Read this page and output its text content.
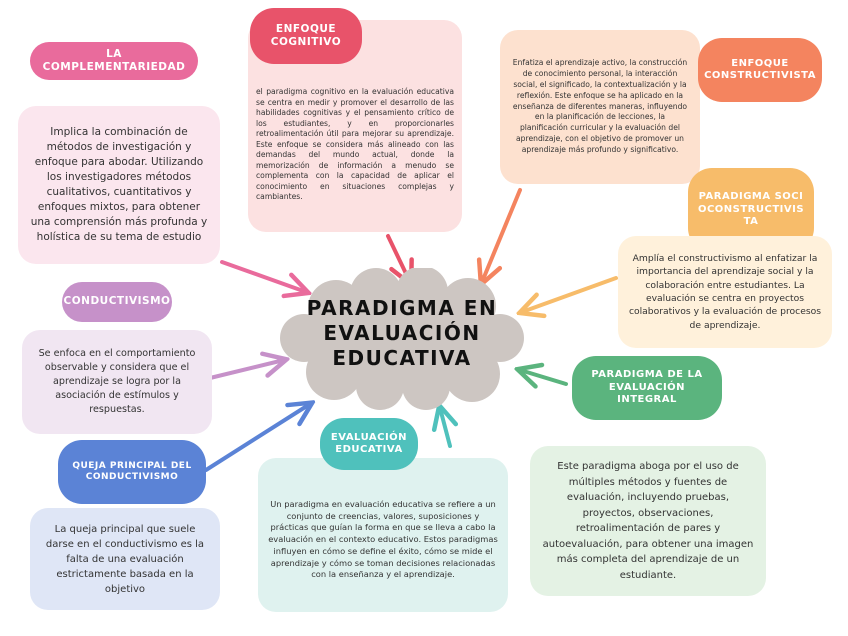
PARADIGMA EN EVALUACIÓN EDUCATIVA
LA COMPLEMENTARIEDAD
Implica la combinación de métodos de investigación y enfoque para abodar. Utilizando los investigadores métodos cualitativos, cuantitativos y enfoques mixtos, para obtener una comprensión más profunda y holística de su tema de estudio
el paradigma cognitivo en la evaluación educativa se centra en medir y promover el desarrollo de las habilidades cognitivas y el pensamiento crítico de los estudiantes, y en proporcionarles retroalimentación útil para mejorar su aprendizaje. Este enfoque se considera más alineado con las demandas del mundo actual, donde la memorización de información a menudo se complementa con la capacidad de aplicar el conocimiento en situaciones complejas y cambiantes.
ENFOQUE COGNITIVO
Enfatiza el aprendizaje activo, la construcción de conocimiento personal, la interacción social, el significado, la contextualización y la reflexión. Este enfoque se ha aplicado en la enseñanza de diferentes maneras, influyendo en la planificación de lecciones, la planificación curricular y la evaluación del aprendizaje, con el objetivo de promover un aprendizaje más profundo y significativo.
ENFOQUE CONSTRUCTIVISTA
PARADIGMA SOCIOCONSTRUCTIVISTA
Amplía el constructivismo al enfatizar la importancia del aprendizaje social y la colaboración entre estudiantes. La evaluación se centra en proyectos colaborativos y la evaluación de procesos de aprendizaje.
CONDUCTIVISMO
Se enfoca en el comportamiento observable y considera que el aprendizaje se logra por la asociación de estímulos y respuestas.
PARADIGMA DE LA EVALUACIÓN INTEGRAL
Este paradigma aboga por el uso de múltiples métodos y fuentes de evaluación, incluyendo pruebas, proyectos, observaciones, retroalimentación de pares y autoevaluación, para obtener una imagen más completa del aprendizaje de un estudiante.
QUEJA PRINCIPAL DEL CONDUCTIVISMO
La queja principal que suele darse en el conductivismo es la falta de una evaluación estrictamente basada en la objetivo
Un paradigma en evaluación educativa se refiere a un conjunto de creencias, valores, suposiciones y prácticas que guían la forma en que se lleva a cabo la evaluación en el contexto educativo. Estos paradigmas influyen en cómo se define el éxito, cómo se mide el aprendizaje y cómo se toman decisiones relacionadas con la enseñanza y el aprendizaje.
EVALUACIÓN EDUCATIVA
